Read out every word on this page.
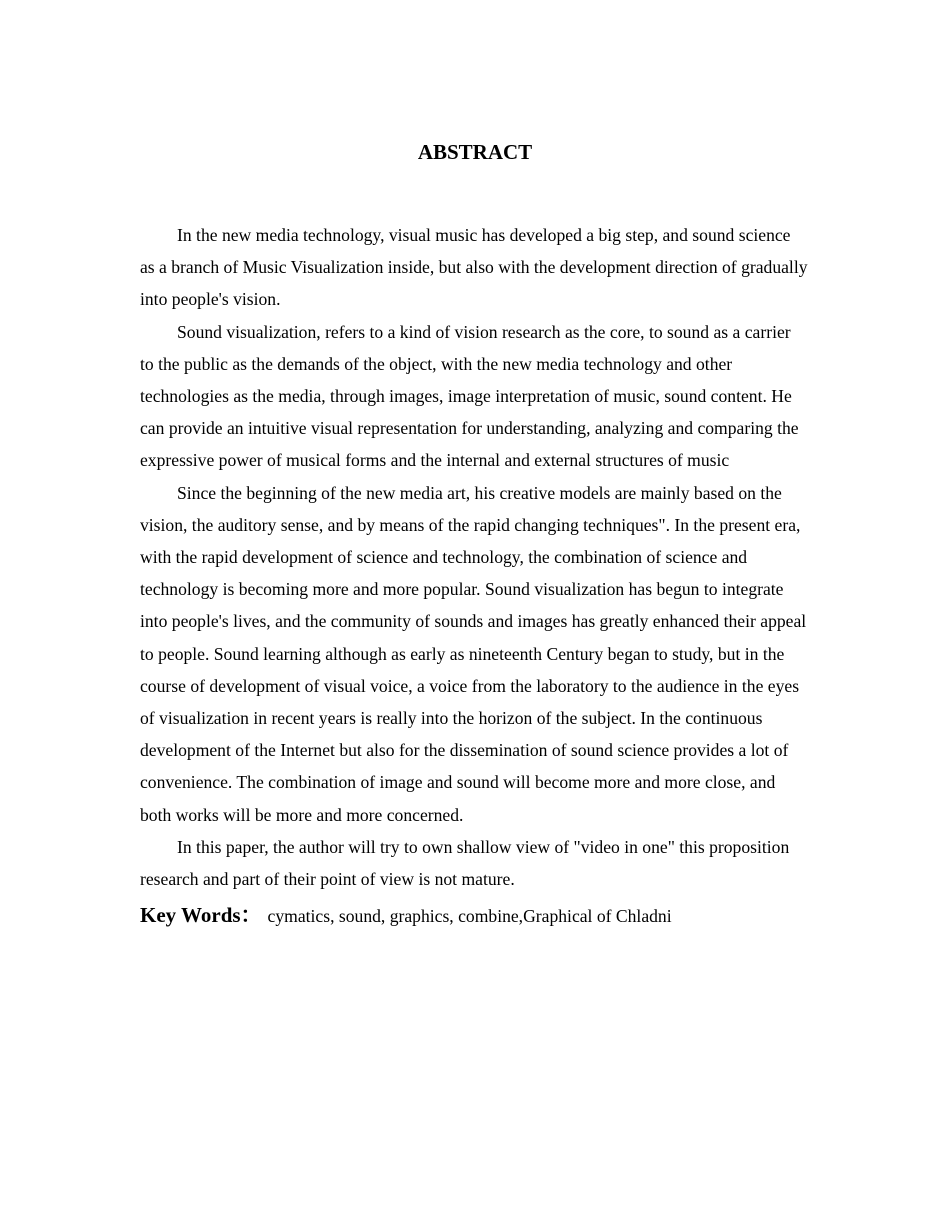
ABSTRACT

In the new media technology, visual music has developed a big step, and sound science as a branch of Music Visualization inside, but also with the development direction of gradually into people's vision.

Sound visualization, refers to a kind of vision research as the core, to sound as a carrier to the public as the demands of the object, with the new media technology and other technologies as the media, through images, image interpretation of music, sound content. He can provide an intuitive visual representation for understanding, analyzing and comparing the expressive power of musical forms and the internal and external structures of music

Since the beginning of the new media art, his creative models are mainly based on the vision, the auditory sense, and by means of the rapid changing techniques". In the present era, with the rapid development of science and technology, the combination of science and technology is becoming more and more popular. Sound visualization has begun to integrate into people's lives, and the community of sounds and images has greatly enhanced their appeal to people. Sound learning although as early as nineteenth Century began to study, but in the course of development of visual voice, a voice from the laboratory to the audience in the eyes of visualization in recent years is really into the horizon of the subject. In the continuous development of the Internet but also for the dissemination of sound science provides a lot of convenience. The combination of image and sound will become more and more close, and both works will be more and more concerned.

In this paper, the author will try to own shallow view of "video in one" this proposition research and part of their point of view is not mature.

Key Words： cymatics, sound, graphics, combine,Graphical of Chladni
